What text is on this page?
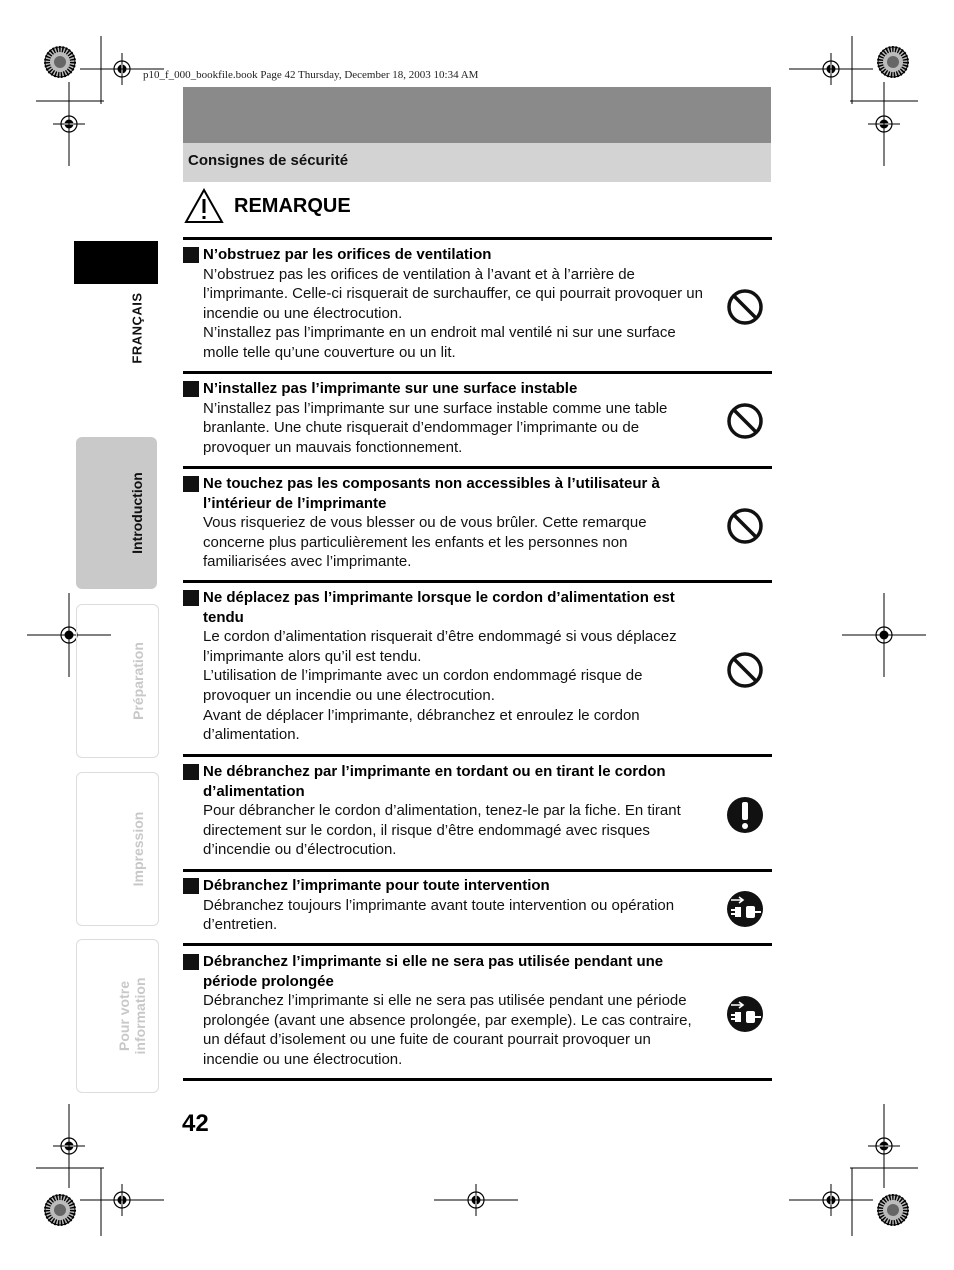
p10_f_000_bookfile.book Page 42 Thursday, December 18, 2003 10:34 AM
Consignes de sécurité
REMARQUE
FRANÇAIS
Introduction
Préparation
Impression
Pour votre
information
N’obstruez par les orifices de ventilation
N’obstruez pas les orifices de ventilation à l’avant et à l’arrière de l’imprimante. Celle-ci risquerait de surchauffer, ce qui pourrait provoquer un incendie ou une électrocution.
N’installez pas l’imprimante en un endroit mal ventilé ni sur une surface molle telle qu’une couverture ou un lit.
N’installez pas l’imprimante sur une surface instable
N’installez pas l’imprimante sur une surface instable comme une table branlante. Une chute risquerait d’endommager l’imprimante ou de provoquer un mauvais fonctionnement.
Ne touchez pas les composants non accessibles à l’utilisateur à l’intérieur de l’imprimante
Vous risqueriez de vous blesser ou de vous brûler. Cette remarque concerne plus particulièrement les enfants et les personnes non familiarisées avec l’imprimante.
Ne déplacez pas l’imprimante lorsque le cordon d’alimentation est tendu
Le cordon d’alimentation risquerait d’être endommagé si vous déplacez l’imprimante alors qu’il est tendu.
L’utilisation de l’imprimante avec un cordon endommagé risque de provoquer un incendie ou une électrocution.
Avant de déplacer l’imprimante, débranchez et enroulez le cordon d’alimentation.
Ne débranchez par l’imprimante en tordant ou en tirant le cordon d’alimentation
Pour débrancher le cordon d’alimentation, tenez-le par la fiche. En tirant directement sur le cordon, il risque d’être endommagé avec risques d’incendie ou d’électrocution.
Débranchez l’imprimante pour toute intervention
Débranchez toujours l’imprimante avant toute intervention ou opération d’entretien.
Débranchez l’imprimante si elle ne sera pas utilisée pendant une période prolongée
Débranchez l’imprimante si elle ne sera pas utilisée pendant une période prolongée (avant une absence prolongée, par exemple). Le cas contraire, un défaut d’isolement ou une fuite de courant pourrait provoquer un incendie ou une électrocution.
42
